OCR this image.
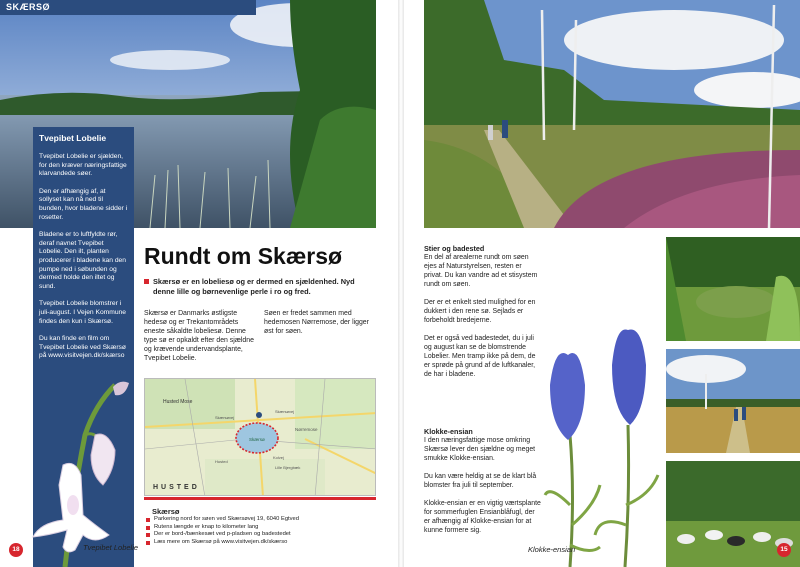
SKÆRSØ
Tvepibet Lobelie

Tvepibet Lobelie er sjælden, for den kræver næringsfattige klarvandede søer.

Den er afhængig af, at sollyset kan nå ned til bunden, hvor bladene sidder i rosetter.

Bladene er to luftfyldte rør, deraf navnet Tvepibet Lobelie. Den ilt, planten producerer i bladene kan den pumpe ned i søbunden og dermed holde den iltet og sund.

Tvepibet Lobelie blomstrer i juli-august. I Vejen Kommune findes den kun i Skærsø.

Du kan finde en film om Tvepibet Lobelie ved Skærsø på www.visitvejen.dk/skærso

Tvepibet Lobelie
18
Rundt om Skærsø
Skærsø er en lobeliesø og er dermed en sjældenhed. Nyd denne lille og børnevenlige perle i ro og fred.
Skærsø er Danmarks østligste hedesø og er Trekantområdets eneste såkaldte lobeliesø. Denne type sø er opkaldt efter den sjældne og krævende undervandsplante, Tvepibet Lobelie.
Søen er fredet sammen med hedemosen Nørremose, der ligger øst for søen.
Husted Mose
Skærsøvej
Skærsøvej
Nørremose
Skærsø
Husted
Kolvej
Lille Bjergbæk
HUSTED
Skærsø
Parkering nord for søen ved Skærsøvej 19, 6040 Egtved
Rutens længde er knap to kilometer lang
Der er bord-/bænkesæt ved p-pladsen og badestedet
Læs mere om Skærsø på www.visitvejen.dk/skærso
Stier og badested

En del af arealerne rundt om søen ejes af Naturstyrelsen, resten er privat. Du kan vandre ad et stisystem rundt om søen.

Der er et enkelt sted mulighed for en dukkert i den rene sø. Sejlads er forbeholdt bredejerne.

Det er også ved badestedet, du i juli og august kan se de blomstrende Lobelier. Men tramp ikke på dem, de er sprøde på grund af de luftkanaler, de har i bladene.

Klokke-ensian

I den næringsfattige mose omkring Skærsø lever den sjældne og meget smukke Klokke-ensian.

Du kan være heldig at se de klart blå blomster fra juli til september.

Klokke-ensian er en vigtig værtsplante for sommerfuglen Ensianblåfugl, der er afhængig af Klokke-ensian for at kunne formere sig.

Klokke-ensian	15
